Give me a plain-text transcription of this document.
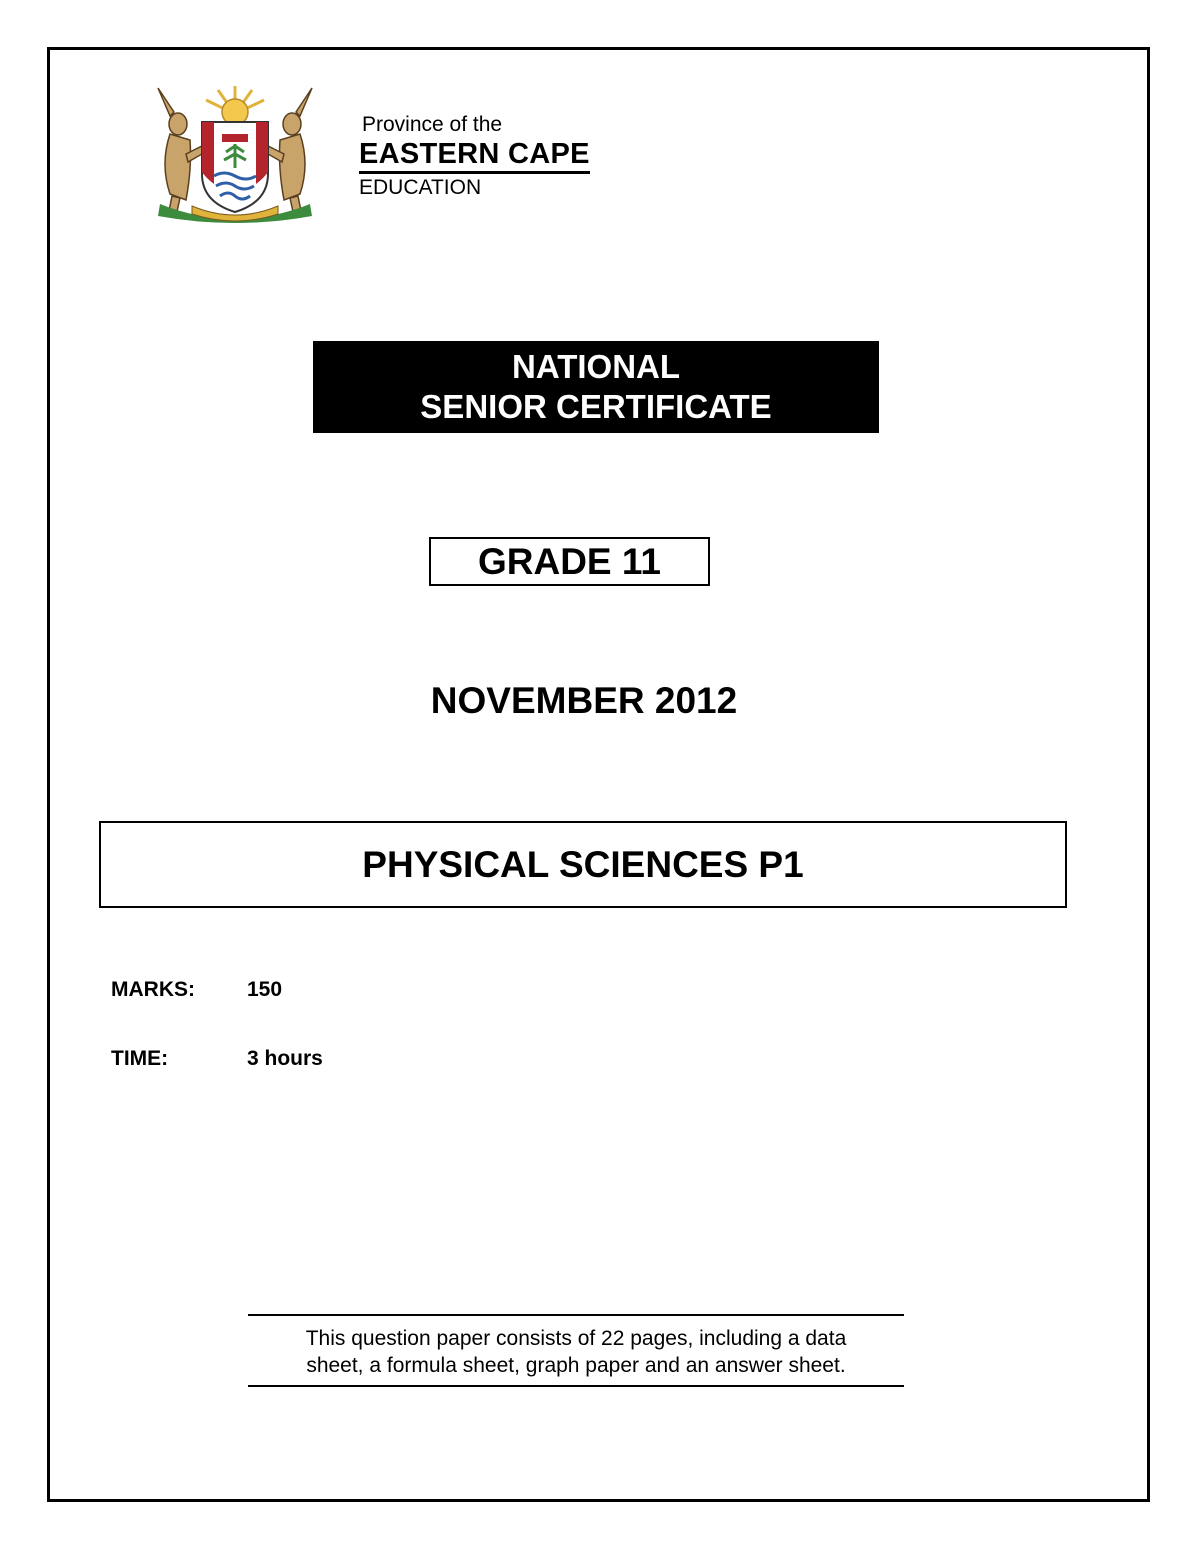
Province of the
EASTERN CAPE
EDUCATION
NATIONAL
SENIOR CERTIFICATE
GRADE 11
NOVEMBER 2012
PHYSICAL SCIENCES P1
MARKS: 150
TIME:	3 hours
This question paper consists of 22 pages, including a data
sheet, a formula sheet, graph paper and an answer sheet.
